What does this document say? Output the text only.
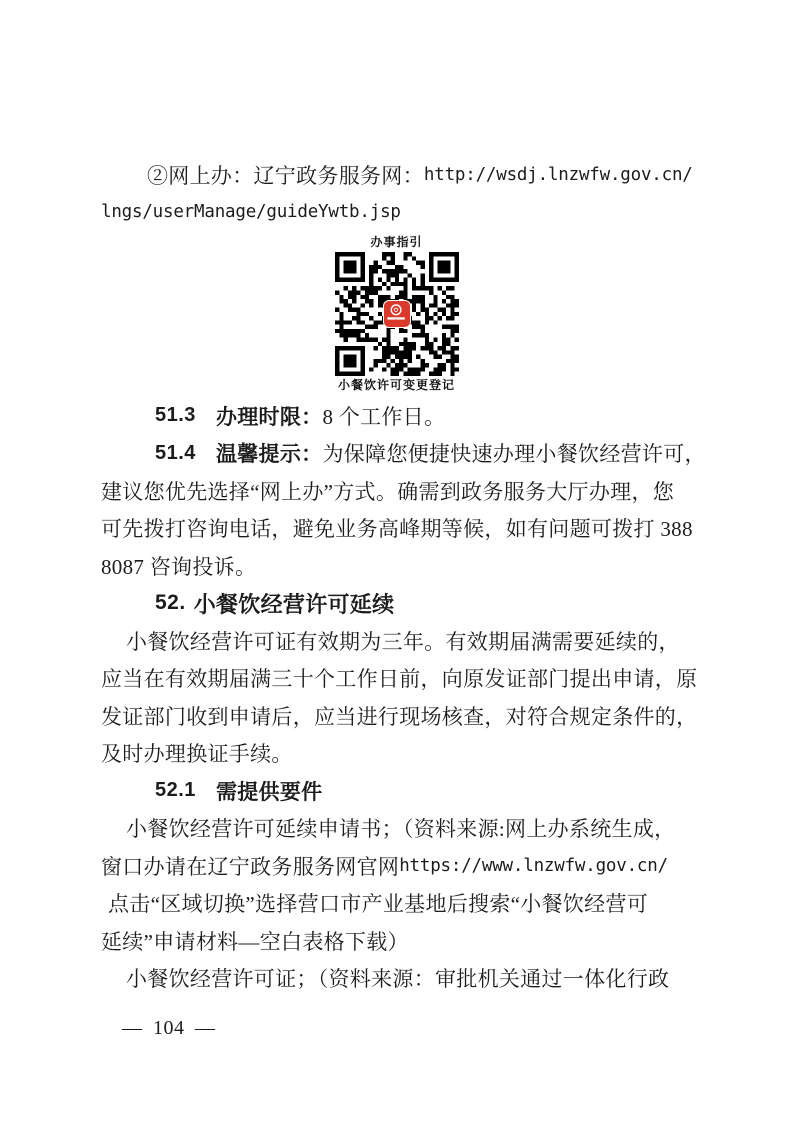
②网上办：辽宁政务服务网： http://wsdj.lnzwfw.gov.cn/
lngs/userManage/guideYwtb.jsp
办事指引
小餐饮许可变更登记
51.3 办理时限： 8 个工作日。
51.4 温馨提示： 为保障您便捷快速办理小餐饮经营许可，
建议您优先选择“网上办”方式。确需到政务服务大厅办理，您
可先拨打咨询电话，避免业务高峰期等候，如有问题可拨打 388
8087 咨询投诉。
52. 小餐饮经营许可延续
小餐饮经营许可证有效期为三年。有效期届满需要延续的，
应当在有效期届满三十个工作日前，向原发证部门提出申请，原
发证部门收到申请后，应当进行现场核查，对符合规定条件的，
及时办理换证手续。
52.1 需提供要件
小餐饮经营许可延续申请书；（资料来源:网上办系统生成，
窗口办请在辽宁政务服务网官网 https://www.lnzwfw.gov.cn/
点击“区域切换”选择营口市产业基地后搜索“小餐饮经营可
延续”申请材料—空白表格下载）
小餐饮经营许可证；（资料来源：审批机关通过一体化行政
— 104 —
